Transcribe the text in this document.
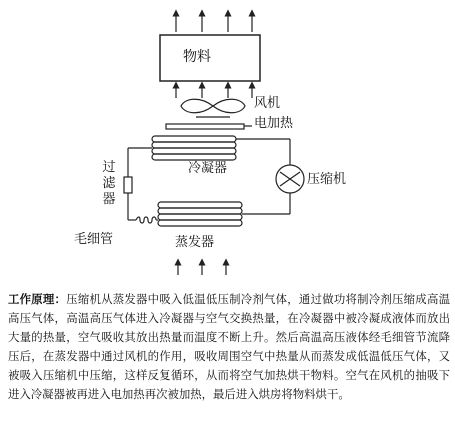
物料
风机
电加热
冷凝器
压缩机
过滤器
毛细管	蒸发器
工作原理：压缩机从蒸发器中吸入低温低压制冷剂气体，通过做功将制冷剂压缩成高温高压气体，高温高压气体进入冷凝器与空气交换热量，在冷凝器中被冷凝成液体而放出大量的热量，空气吸收其放出热量而温度不断上升。然后高温高压液体经毛细管节流降压后，在蒸发器中通过风机的作用，吸收周围空气中热量从而蒸发成低温低压气体，又被吸入压缩机中压缩，这样反复循环，从而将空气加热烘干物料。空气在风机的抽吸下进入冷凝器被再进入电加热再次被加热，最后进入烘房将物料烘干。
